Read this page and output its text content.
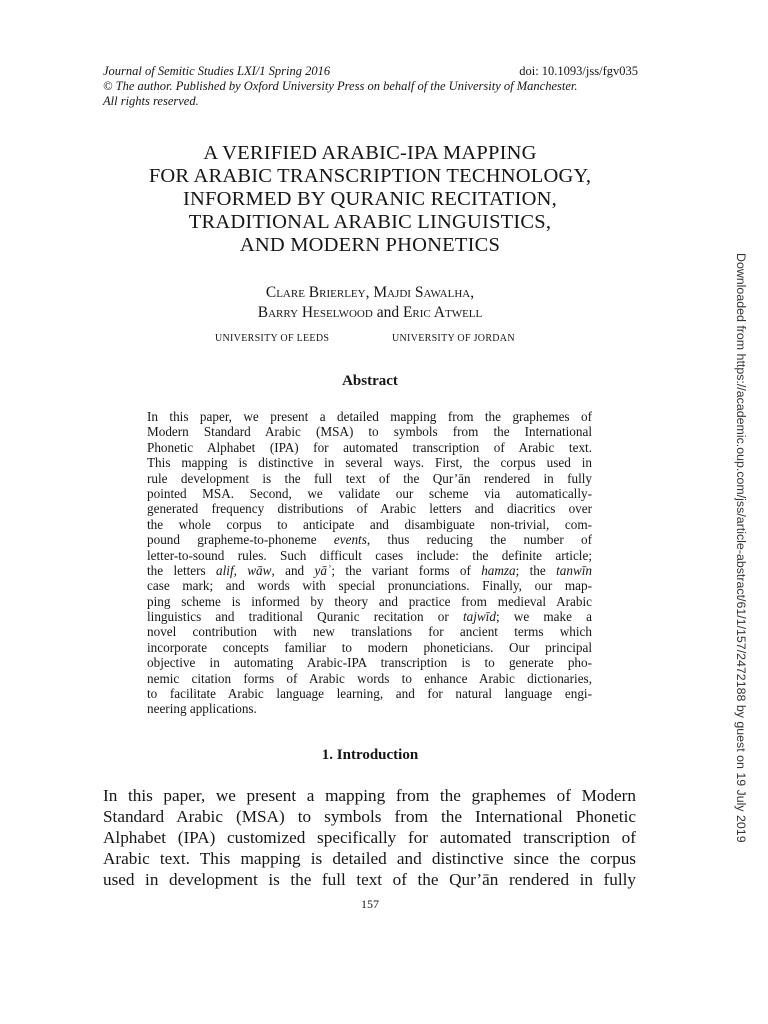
Journal of Semitic Studies LXI/1 Spring 2016	doi: 10.1093/jss/fgv035
© The author. Published by Oxford University Press on behalf of the University of Manchester.
All rights reserved.
A VERIFIED ARABIC-IPA MAPPING
FOR ARABIC TRANSCRIPTION TECHNOLOGY,
INFORMED BY QURANIC RECITATION,
TRADITIONAL ARABIC LINGUISTICS,
AND MODERN PHONETICS
Clare Brierley, Majdi Sawalha,
Barry Heselwood and Eric Atwell
UNIVERSITY OF LEEDS	UNIVERSITY OF JORDAN
Abstract
In this paper, we present a detailed mapping from the graphemes of
Modern Standard Arabic (MSA) to symbols from the International
Phonetic Alphabet (IPA) for automated transcription of Arabic text.
This mapping is distinctive in several ways. First, the corpus used in
rule development is the full text of the Qur’ān rendered in fully
pointed MSA. Second, we validate our scheme via automatically-
generated frequency distributions of Arabic letters and diacritics over
the whole corpus to anticipate and disambiguate non-trivial, com-
pound grapheme-to-phoneme events, thus reducing the number of
letter-to-sound rules. Such difficult cases include: the definite article;
the letters alif, wāw, and yāʾ; the variant forms of hamza; the tanwīn
case mark; and words with special pronunciations. Finally, our map-
ping scheme is informed by theory and practice from medieval Arabic
linguistics and traditional Quranic recitation or tajwīd; we make a
novel contribution with new translations for ancient terms which
incorporate concepts familiar to modern phoneticians. Our principal
objective in automating Arabic-IPA transcription is to generate pho-
nemic citation forms of Arabic words to enhance Arabic dictionaries,
to facilitate Arabic language learning, and for natural language engi-
neering applications.
1. Introduction
In this paper, we present a mapping from the graphemes of Modern
Standard Arabic (MSA) to symbols from the International Phonetic
Alphabet (IPA) customized specifically for automated transcription of
Arabic text. This mapping is detailed and distinctive since the corpus
used in development is the full text of the Qur’ān rendered in fully
157
Downloaded from https://academic.oup.com/jss/article-abstract/61/1/157/2472188 by guest on 19 July 2019
